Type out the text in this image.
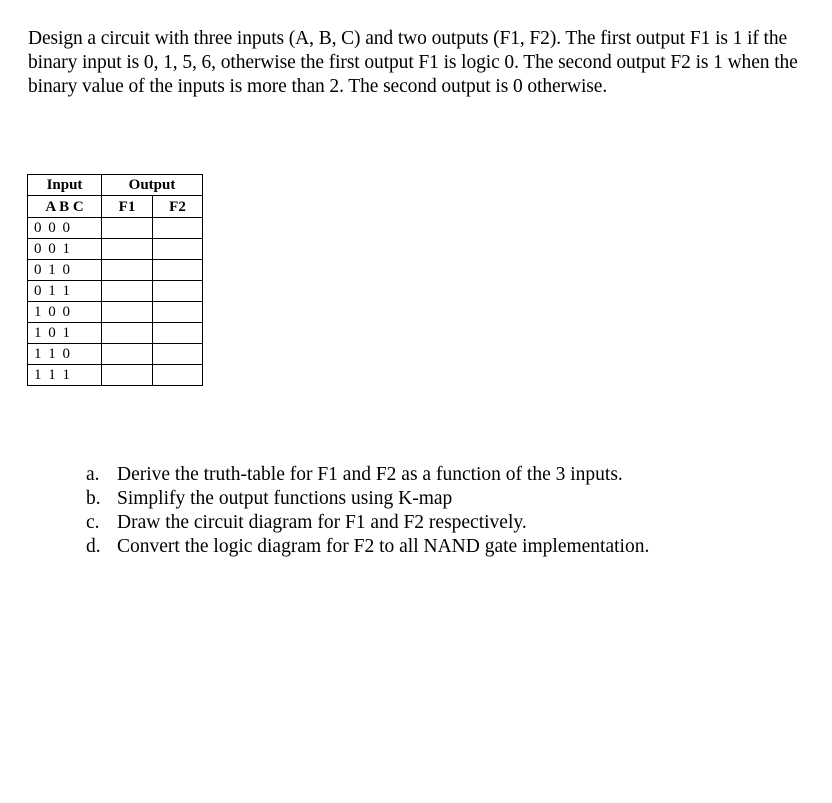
Design a circuit with three inputs (A, B, C) and two outputs (F1, F2). The first output F1 is 1 if the binary input is 0, 1, 5, 6, otherwise the first output F1 is logic 0. The second output F2 is 1 when the binary value of the inputs is more than 2. The second output is 0 otherwise.

Input	Output	
A B C	F1	F2
0 0 0		
0 0 1		
0 1 0		
0 1 1		
1 0 0		
1 0 1		
1 1 0		
1 1 1		
a. Derive the truth-table for F1 and F2 as a function of the 3 inputs.
b. Simplify the output functions using K-map
c. Draw the circuit diagram for F1 and F2 respectively.
d. Convert the logic diagram for F2 to all NAND gate implementation.
